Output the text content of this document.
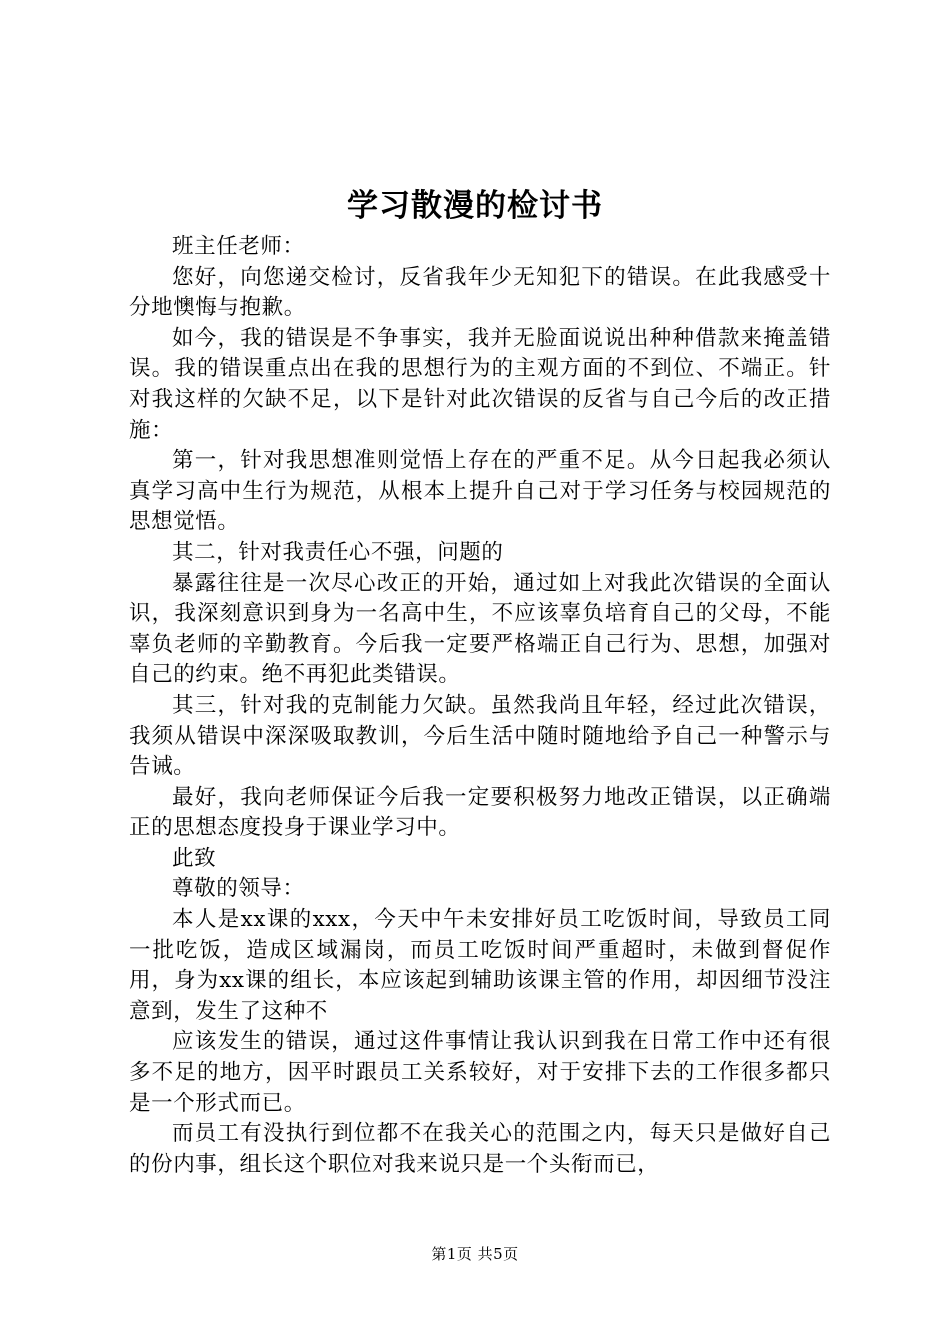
学习散漫的检讨书

班主任老师：

您好，向您递交检讨，反省我年少无知犯下的错误。在此我感受十分地懊悔与抱歉。

如今，我的错误是不争事实，我并无脸面说说出种种借款来掩盖错误。我的错误重点出在我的思想行为的主观方面的不到位、不端正。针对我这样的欠缺不足，以下是针对此次错误的反省与自己今后的改正措施：

第一，针对我思想准则觉悟上存在的严重不足。从今日起我必须认真学习高中生行为规范，从根本上提升自己对于学习任务与校园规范的思想觉悟。

其二，针对我责任心不强，问题的

暴露往往是一次尽心改正的开始，通过如上对我此次错误的全面认识，我深刻意识到身为一名高中生，不应该辜负培育自己的父母，不能辜负老师的辛勤教育。今后我一定要严格端正自己行为、思想，加强对自己的约束。绝不再犯此类错误。

其三，针对我的克制能力欠缺。虽然我尚且年轻，经过此次错误，我须从错误中深深吸取教训，今后生活中随时随地给予自己一种警示与告诫。

最好，我向老师保证今后我一定要积极努力地改正错误，以正确端正的思想态度投身于课业学习中。

此致

尊敬的领导：

本人是xx课的xxx，今天中午未安排好员工吃饭时间，导致员工同一批吃饭，造成区域漏岗，而员工吃饭时间严重超时，未做到督促作用，身为xx课的组长，本应该起到辅助该课主管的作用，却因细节没注意到，发生了这种不

应该发生的错误，通过这件事情让我认识到我在日常工作中还有很多不足的地方，因平时跟员工关系较好，对于安排下去的工作很多都只是一个形式而已。

而员工有没执行到位都不在我关心的范围之内，每天只是做好自己的份内事，组长这个职位对我来说只是一个头衔而已，

第1页 共5页
